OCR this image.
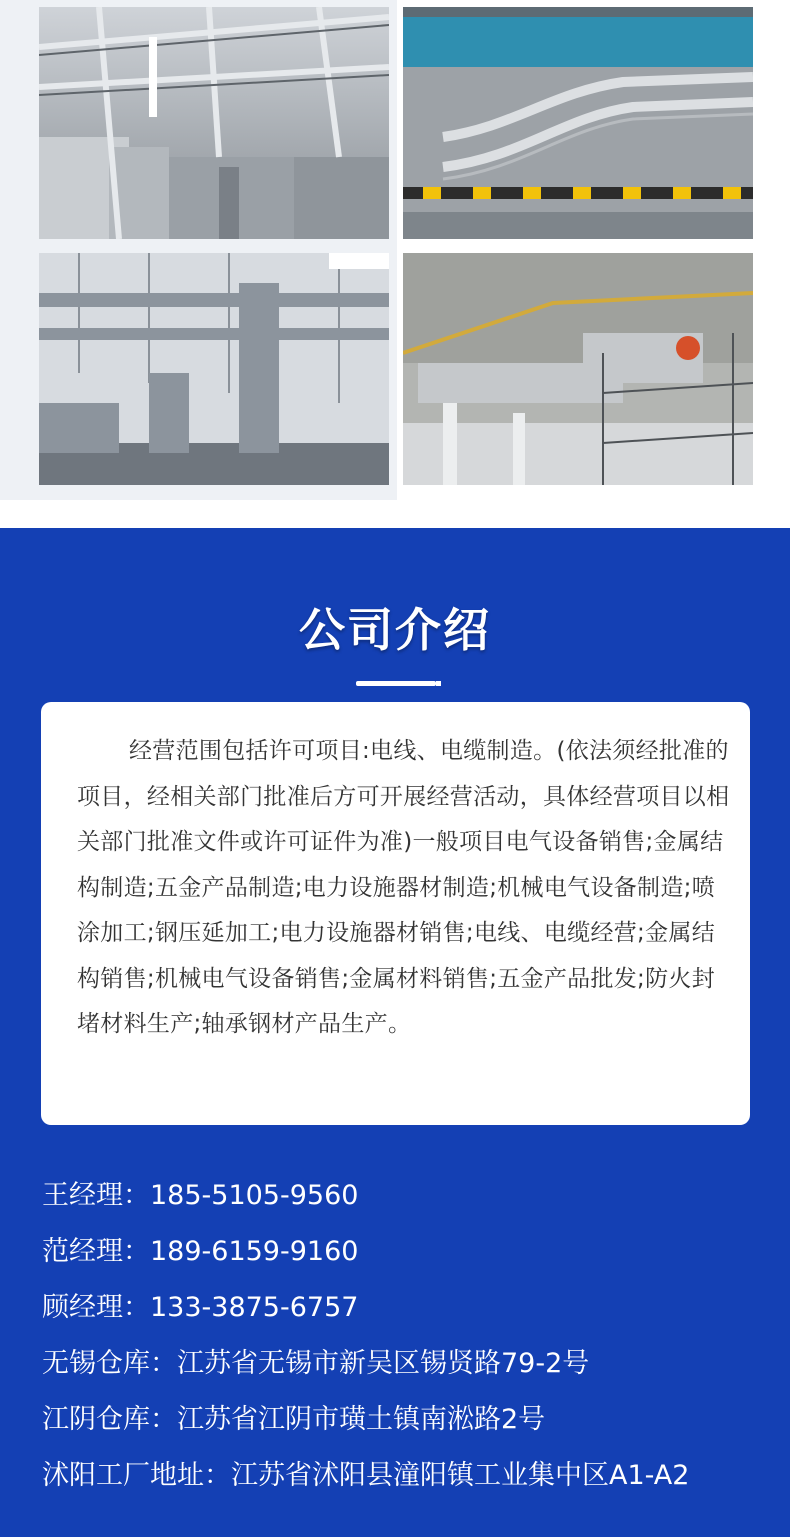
公司介绍
经营范围包括许可项目:电线、电缆制造。(依法须经批准的项目，经相关部门批准后方可开展经营活动，具体经营项目以相关部门批准文件或许可证件为准)一般项目电气设备销售;金属结构制造;五金产品制造;电力设施器材制造;机械电气设备制造;喷涂加工;钢压延加工;电力设施器材销售;电线、电缆经营;金属结构销售;机械电气设备销售;金属材料销售;五金产品批发;防火封堵材料生产;轴承钢材产品生产。
王经理：185-5105-9560
范经理：189-6159-9160
顾经理：133-3875-6757
无锡仓库：江苏省无锡市新吴区锡贤路79-2号
江阴仓库：江苏省江阴市璜土镇南淞路2号
沭阳工厂地址：江苏省沭阳县潼阳镇工业集中区A1-A2
